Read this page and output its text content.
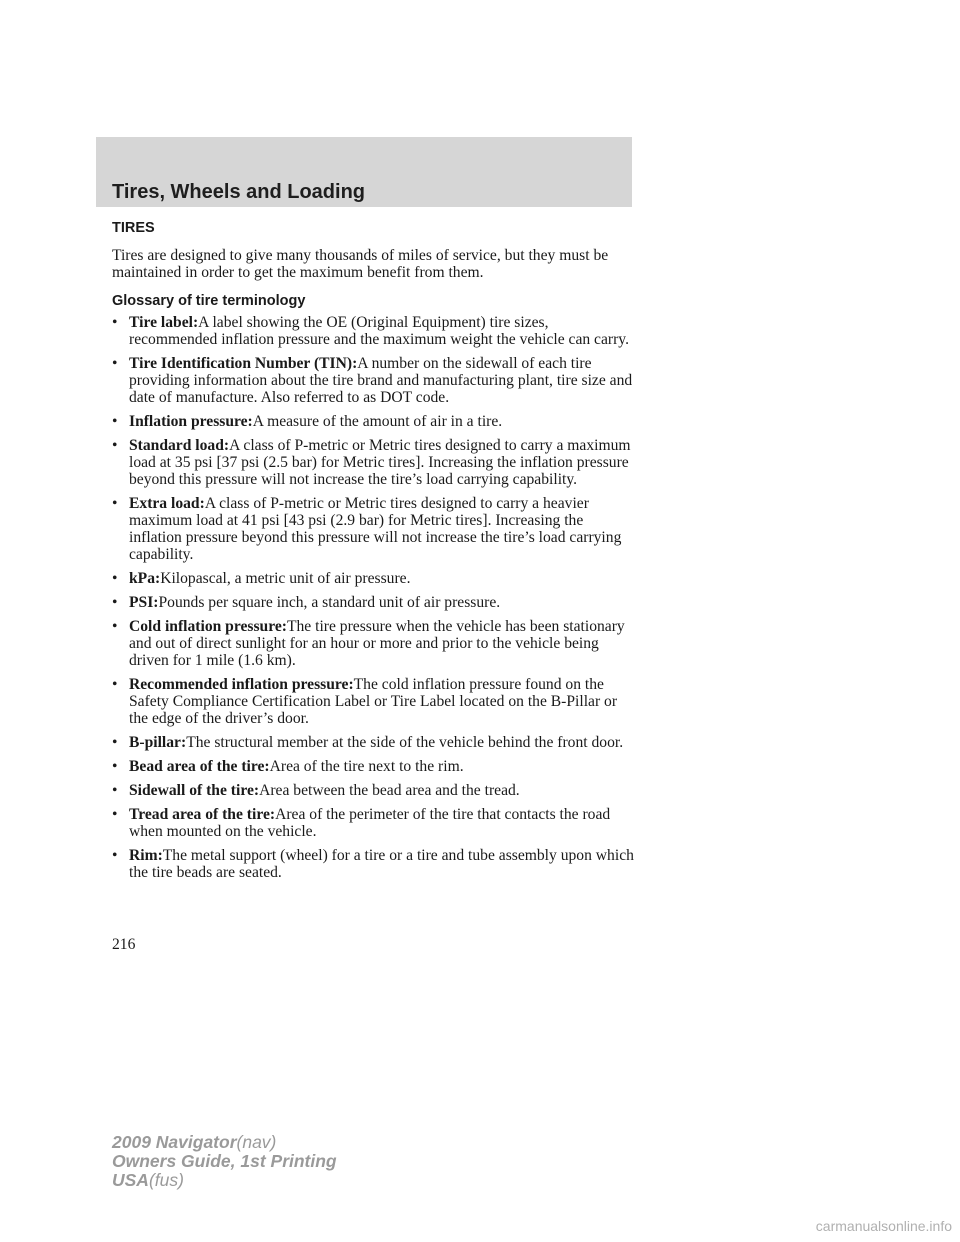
Tires, Wheels and Loading
TIRES

Tires are designed to give many thousands of miles of service, but they must be maintained in order to get the maximum benefit from them.

Glossary of tire terminology
• Tire label:A label showing the OE (Original Equipment) tire sizes, recommended inflation pressure and the maximum weight the vehicle can carry.
• Tire Identification Number (TIN):A number on the sidewall of each tire providing information about the tire brand and manufacturing plant, tire size and date of manufacture. Also referred to as DOT code.
• Inflation pressure:A measure of the amount of air in a tire.
• Standard load:A class of P-metric or Metric tires designed to carry a maximum load at 35 psi [37 psi (2.5 bar) for Metric tires]. Increasing the inflation pressure beyond this pressure will not increase the tire’s load carrying capability.
• Extra load:A class of P-metric or Metric tires designed to carry a heavier maximum load at 41 psi [43 psi (2.9 bar) for Metric tires]. Increasing the inflation pressure beyond this pressure will not increase the tire’s load carrying capability.
• kPa:Kilopascal, a metric unit of air pressure.
• PSI:Pounds per square inch, a standard unit of air pressure.
• Cold inflation pressure:The tire pressure when the vehicle has been stationary and out of direct sunlight for an hour or more and prior to the vehicle being driven for 1 mile (1.6 km).
• Recommended inflation pressure:The cold inflation pressure found on the Safety Compliance Certification Label or Tire Label located on the B-Pillar or the edge of the driver’s door.
• B-pillar:The structural member at the side of the vehicle behind the front door.
• Bead area of the tire:Area of the tire next to the rim.
• Sidewall of the tire:Area between the bead area and the tread.
• Tread area of the tire:Area of the perimeter of the tire that contacts the road when mounted on the vehicle.
• Rim:The metal support (wheel) for a tire or a tire and tube assembly upon which the tire beads are seated.
216
2009 Navigator(nav)
Owners Guide, 1st Printing
USA(fus)
carmanualsonline.info
